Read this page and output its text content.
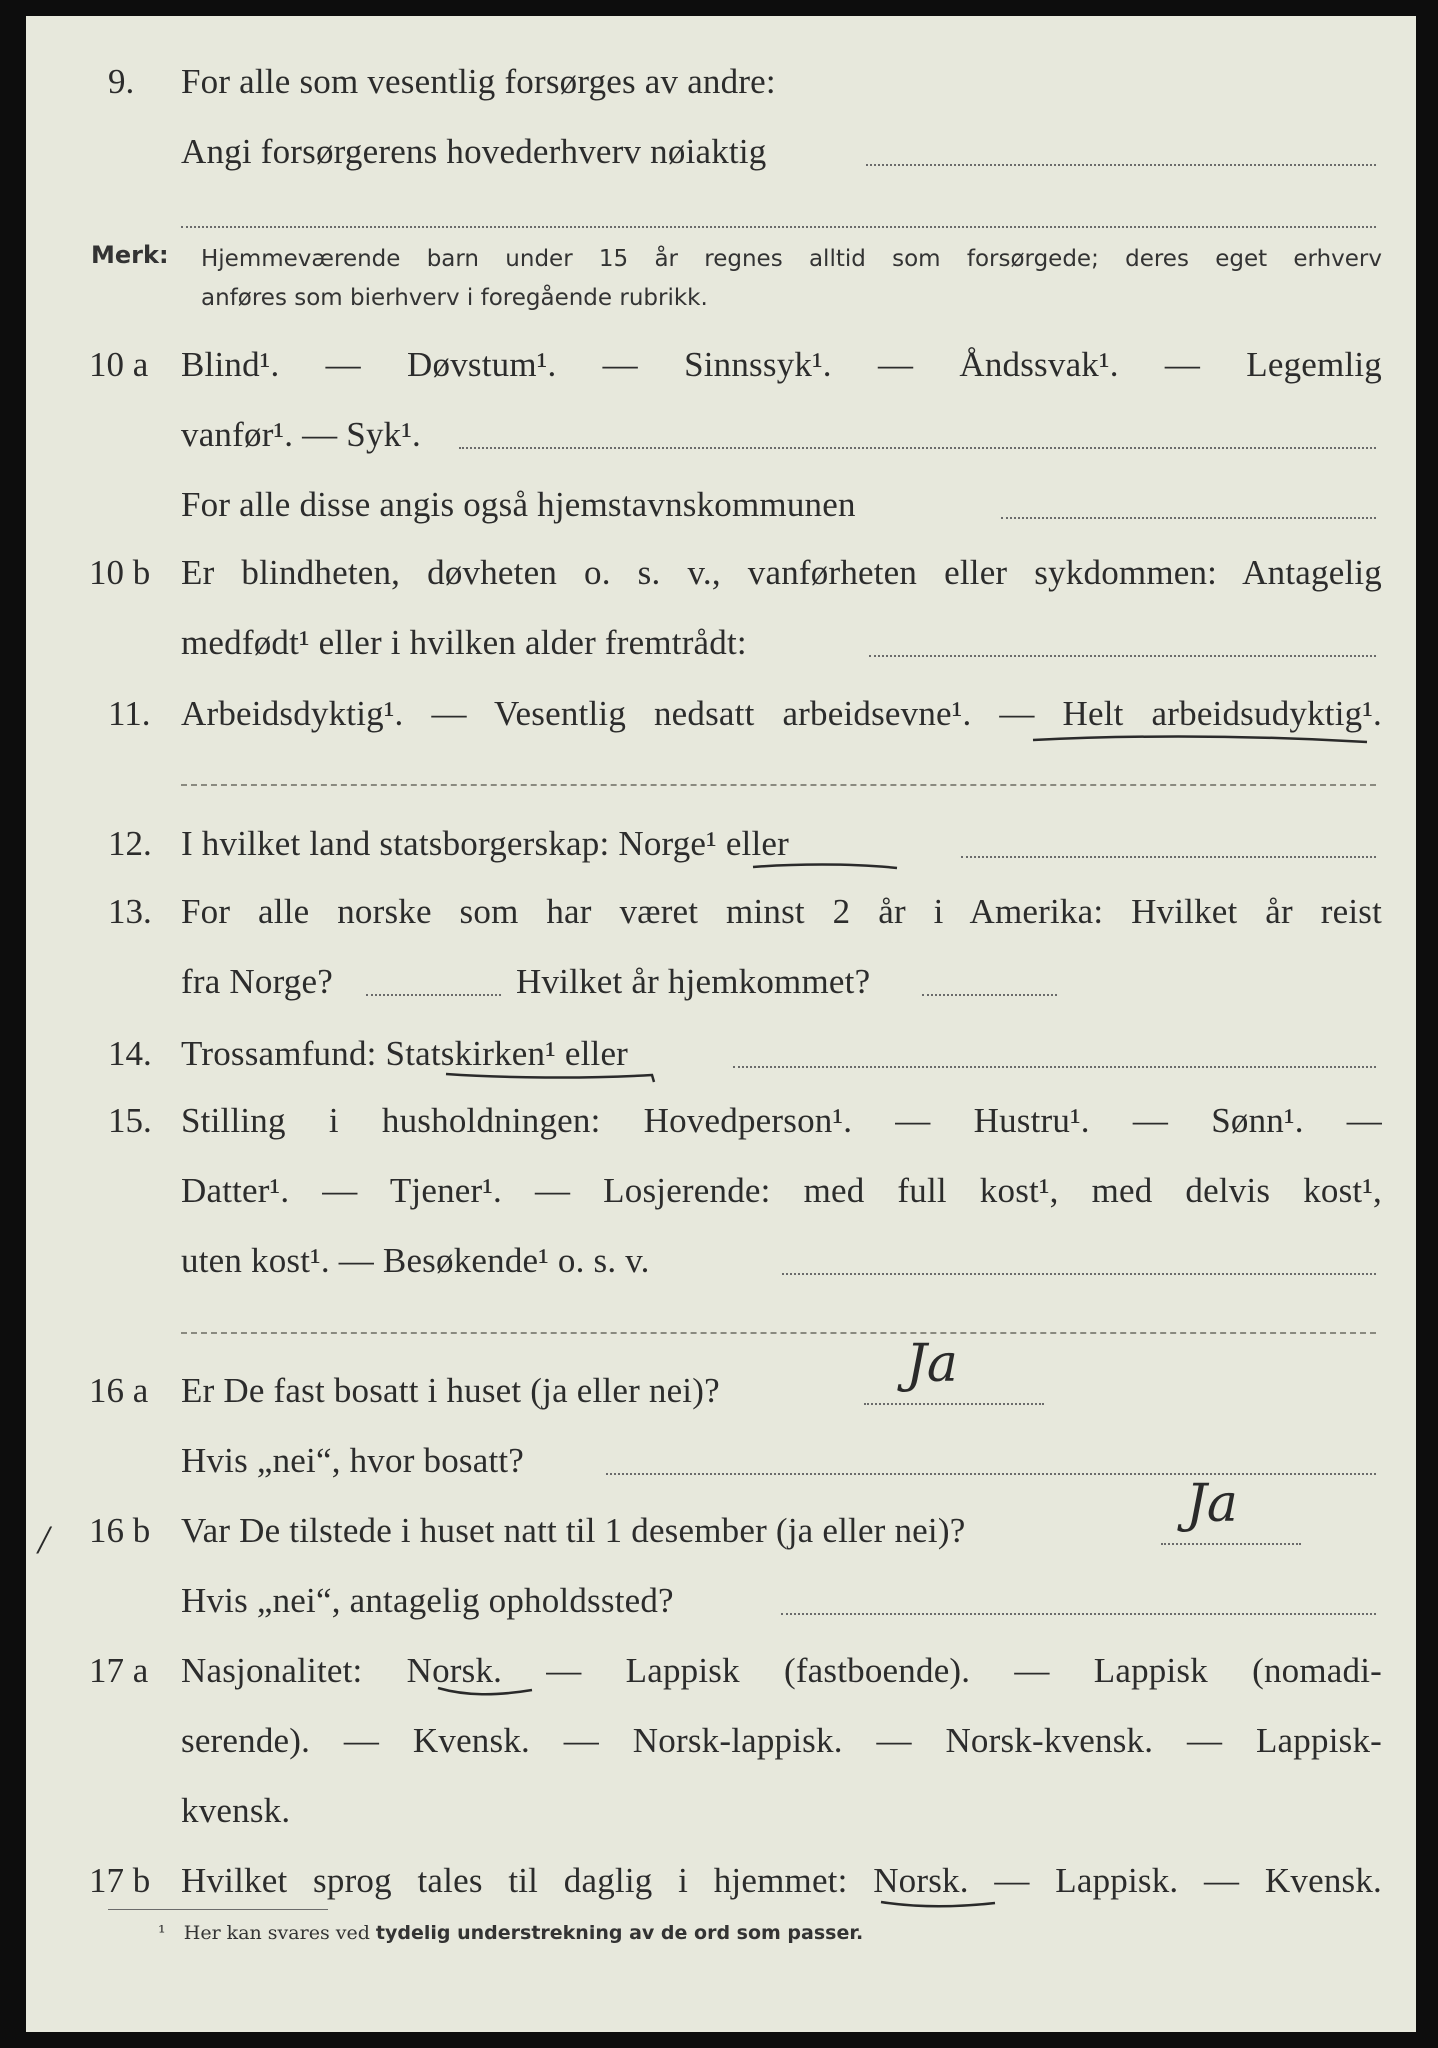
9. For alle som vesentlig forsørges av andre:
Angi forsørgerens hovederhverv nøiaktig
Merk: Hjemmeværende barn under 15 år regnes alltid som forsørgede; deres eget erhverv
anføres som bierhverv i foregående rubrikk.
10 a Blind¹. — Døvstum¹. — Sinnssyk¹. — Åndssvak¹. — Legemlig
vanfør¹. — Syk¹.
For alle disse angis også hjemstavnskommunen
10 b Er blindheten, døvheten o. s. v., vanførheten eller sykdommen: Antagelig
medfødt¹ eller i hvilken alder fremtrådt:
11. Arbeidsdyktig¹. — Vesentlig nedsatt arbeidsevne¹. — Helt arbeidsudyktig¹.
12. I hvilket land statsborgerskap: Norge¹ eller
13. For alle norske som har været minst 2 år i Amerika: Hvilket år reist
fra Norge?	Hvilket år hjemkommet?
14. Trossamfund: Statskirken¹ eller
15. Stilling i husholdningen: Hovedperson¹. — Hustru¹. — Sønn¹. —
Datter¹. — Tjener¹. — Losjerende: med full kost¹, med delvis kost¹,
uten kost¹. — Besøkende¹ o. s. v.
16 a Er De fast bosatt i huset (ja eller nei)?	Ja
Hvis „nei“, hvor bosatt?
/ 16 b Var De tilstede i huset natt til 1 desember (ja eller nei)?	Ja
Hvis „nei“, antagelig opholdssted?
17 a Nasjonalitet: Norsk. — Lappisk (fastboende). — Lappisk (nomadi-
serende). — Kvensk. — Norsk-lappisk. — Norsk-kvensk. — Lappisk-
kvensk.
17 b Hvilket sprog tales til daglig i hjemmet: Norsk. — Lappisk. — Kvensk.
¹ Her kan svares ved tydelig understrekning av de ord som passer.
